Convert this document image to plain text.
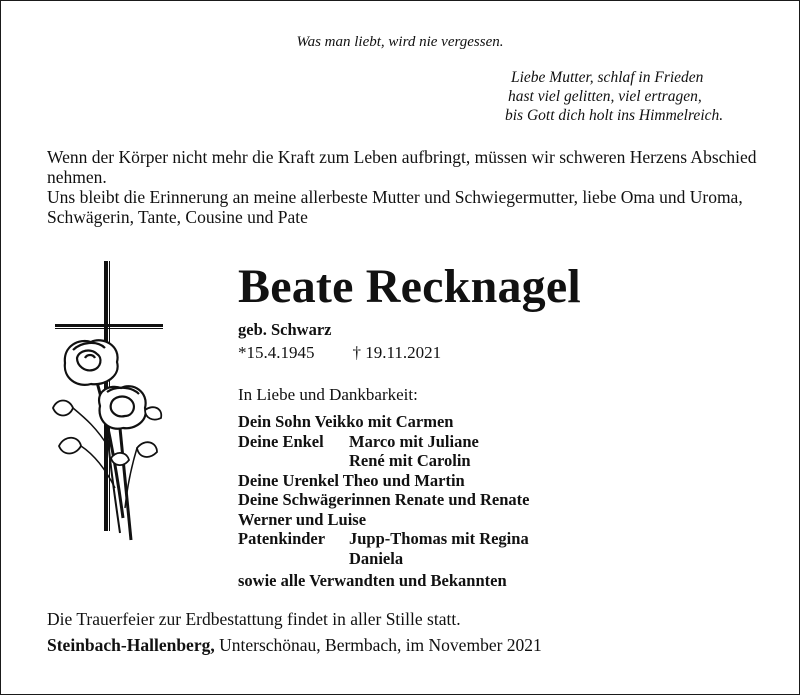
Was man liebt, wird nie vergessen.
Liebe Mutter, schlaf in Frieden
hast viel gelitten, viel ertragen,
bis Gott dich holt ins Himmelreich.

Wenn der Körper nicht mehr die Kraft zum Leben aufbringt, müssen wir schweren Herzens Abschied nehmen.

Uns bleibt die Erinnerung an meine allerbeste Mutter und Schwiegermutter, liebe Oma und Uroma, Schwägerin, Tante, Cousine und Pate

Beate Recknagel
geb. Schwarz
*15.4.1945 † 19.11.2021
In Liebe und Dankbarkeit:
Dein Sohn Veikko mit Carmen
Deine Enkel Marco mit Juliane
René mit Carolin
Deine Urenkel Theo und Martin
Deine Schwägerinnen Renate und Renate
Werner und Luise
Patenkinder Jupp-Thomas mit Regina
Daniela
sowie alle Verwandten und Bekannten
Die Trauerfeier zur Erdbestattung findet in aller Stille statt.
Steinbach-Hallenberg, Unterschönau, Bermbach, im November 2021
